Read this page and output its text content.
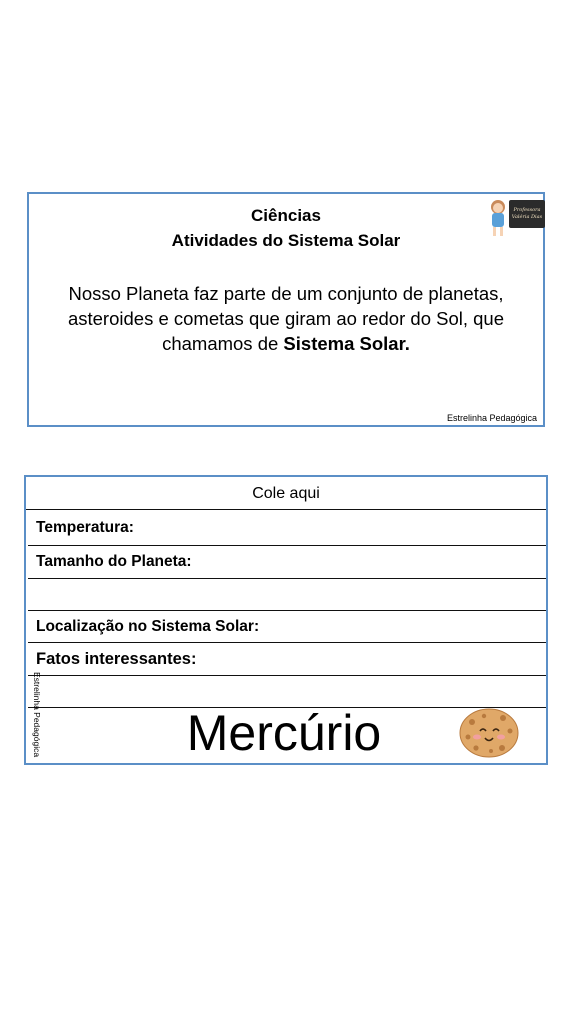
Ciências
Atividades do Sistema Solar
Nosso Planeta faz parte de um conjunto de planetas, asteroides e cometas que giram ao redor do Sol, que chamamos de Sistema Solar.
Professora
Valéria Dias
Estrelinha Pedagógica
Cole aqui
Temperatura:
Tamanho do Planeta:
Localização no Sistema Solar:
Fatos interessantes:
Estrelinha Pedagógica	Mercúrio
